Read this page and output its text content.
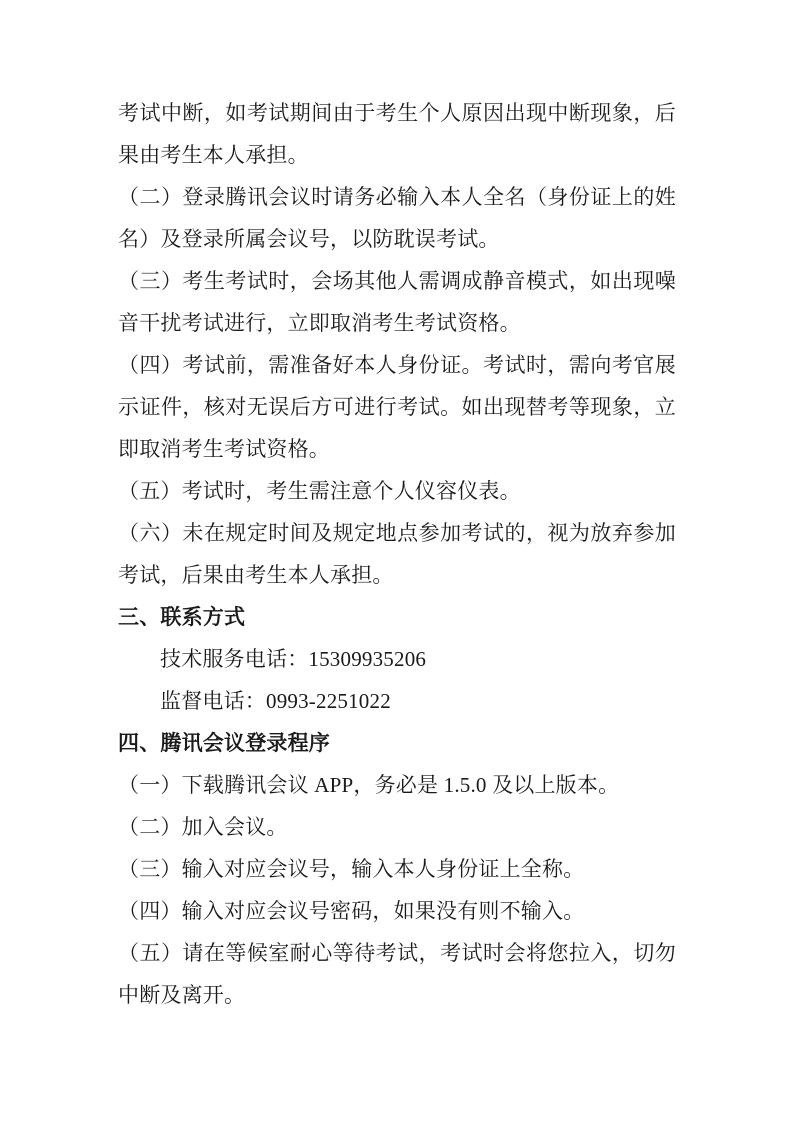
考试中断，如考试期间由于考生个人原因出现中断现象，后果由考生本人承担。

（二）登录腾讯会议时请务必输入本人全名（身份证上的姓名）及登录所属会议号，以防耽误考试。

（三）考生考试时，会场其他人需调成静音模式，如出现噪音干扰考试进行，立即取消考生考试资格。

（四）考试前，需准备好本人身份证。考试时，需向考官展示证件，核对无误后方可进行考试。如出现替考等现象，立即取消考生考试资格。

（五）考试时，考生需注意个人仪容仪表。

（六）未在规定时间及规定地点参加考试的，视为放弃参加考试，后果由考生本人承担。

三、联系方式

技术服务电话：15309935206

监督电话：0993-2251022

四、腾讯会议登录程序

（一）下载腾讯会议 APP，务必是 1.5.0 及以上版本。

（二）加入会议。

（三）输入对应会议号，输入本人身份证上全称。

（四）输入对应会议号密码，如果没有则不输入。

（五）请在等候室耐心等待考试，考试时会将您拉入，切勿中断及离开。
